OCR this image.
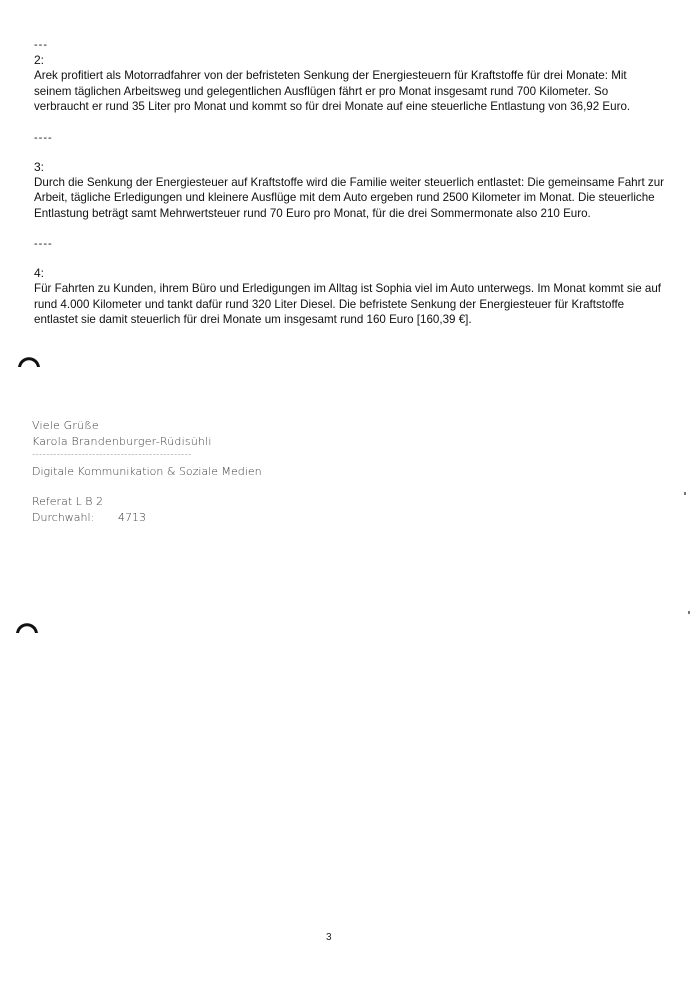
---

2:

Arek profitiert als Motorradfahrer von der befristeten Senkung der Energiesteuern für Kraftstoffe für drei Monate: Mit seinem täglichen Arbeitsweg und gelegentlichen Ausflügen fährt er pro Monat insgesamt rund 700 Kilometer. So verbraucht er rund 35 Liter pro Monat und kommt so für drei Monate auf eine steuerliche Entlastung von 36,92 Euro.

----

3:

Durch die Senkung der Energiesteuer auf Kraftstoffe wird die Familie weiter steuerlich entlastet: Die gemeinsame Fahrt zur Arbeit, tägliche Erledigungen und kleinere Ausflüge mit dem Auto ergeben rund 2500 Kilometer im Monat. Die steuerliche Entlastung beträgt samt Mehrwertsteuer rund 70 Euro pro Monat, für die drei Sommermonate also 210 Euro.

----

4:

Für Fahrten zu Kunden, ihrem Büro und Erledigungen im Alltag ist Sophia viel im Auto unterwegs. Im Monat kommt sie auf rund 4.000 Kilometer und tankt dafür rund 320 Liter Diesel. Die befristete Senkung der Energiesteuer für Kraftstoffe entlastet sie damit steuerlich für drei Monate um insgesamt rund 160 Euro [160,39 €].

Viele Grüße

Karola Brandenburger-Rüdisühli

---------------------------------------------

Digitale Kommunikation & Soziale Medien

Referat L B 2
Durchwahl: 4713
3
